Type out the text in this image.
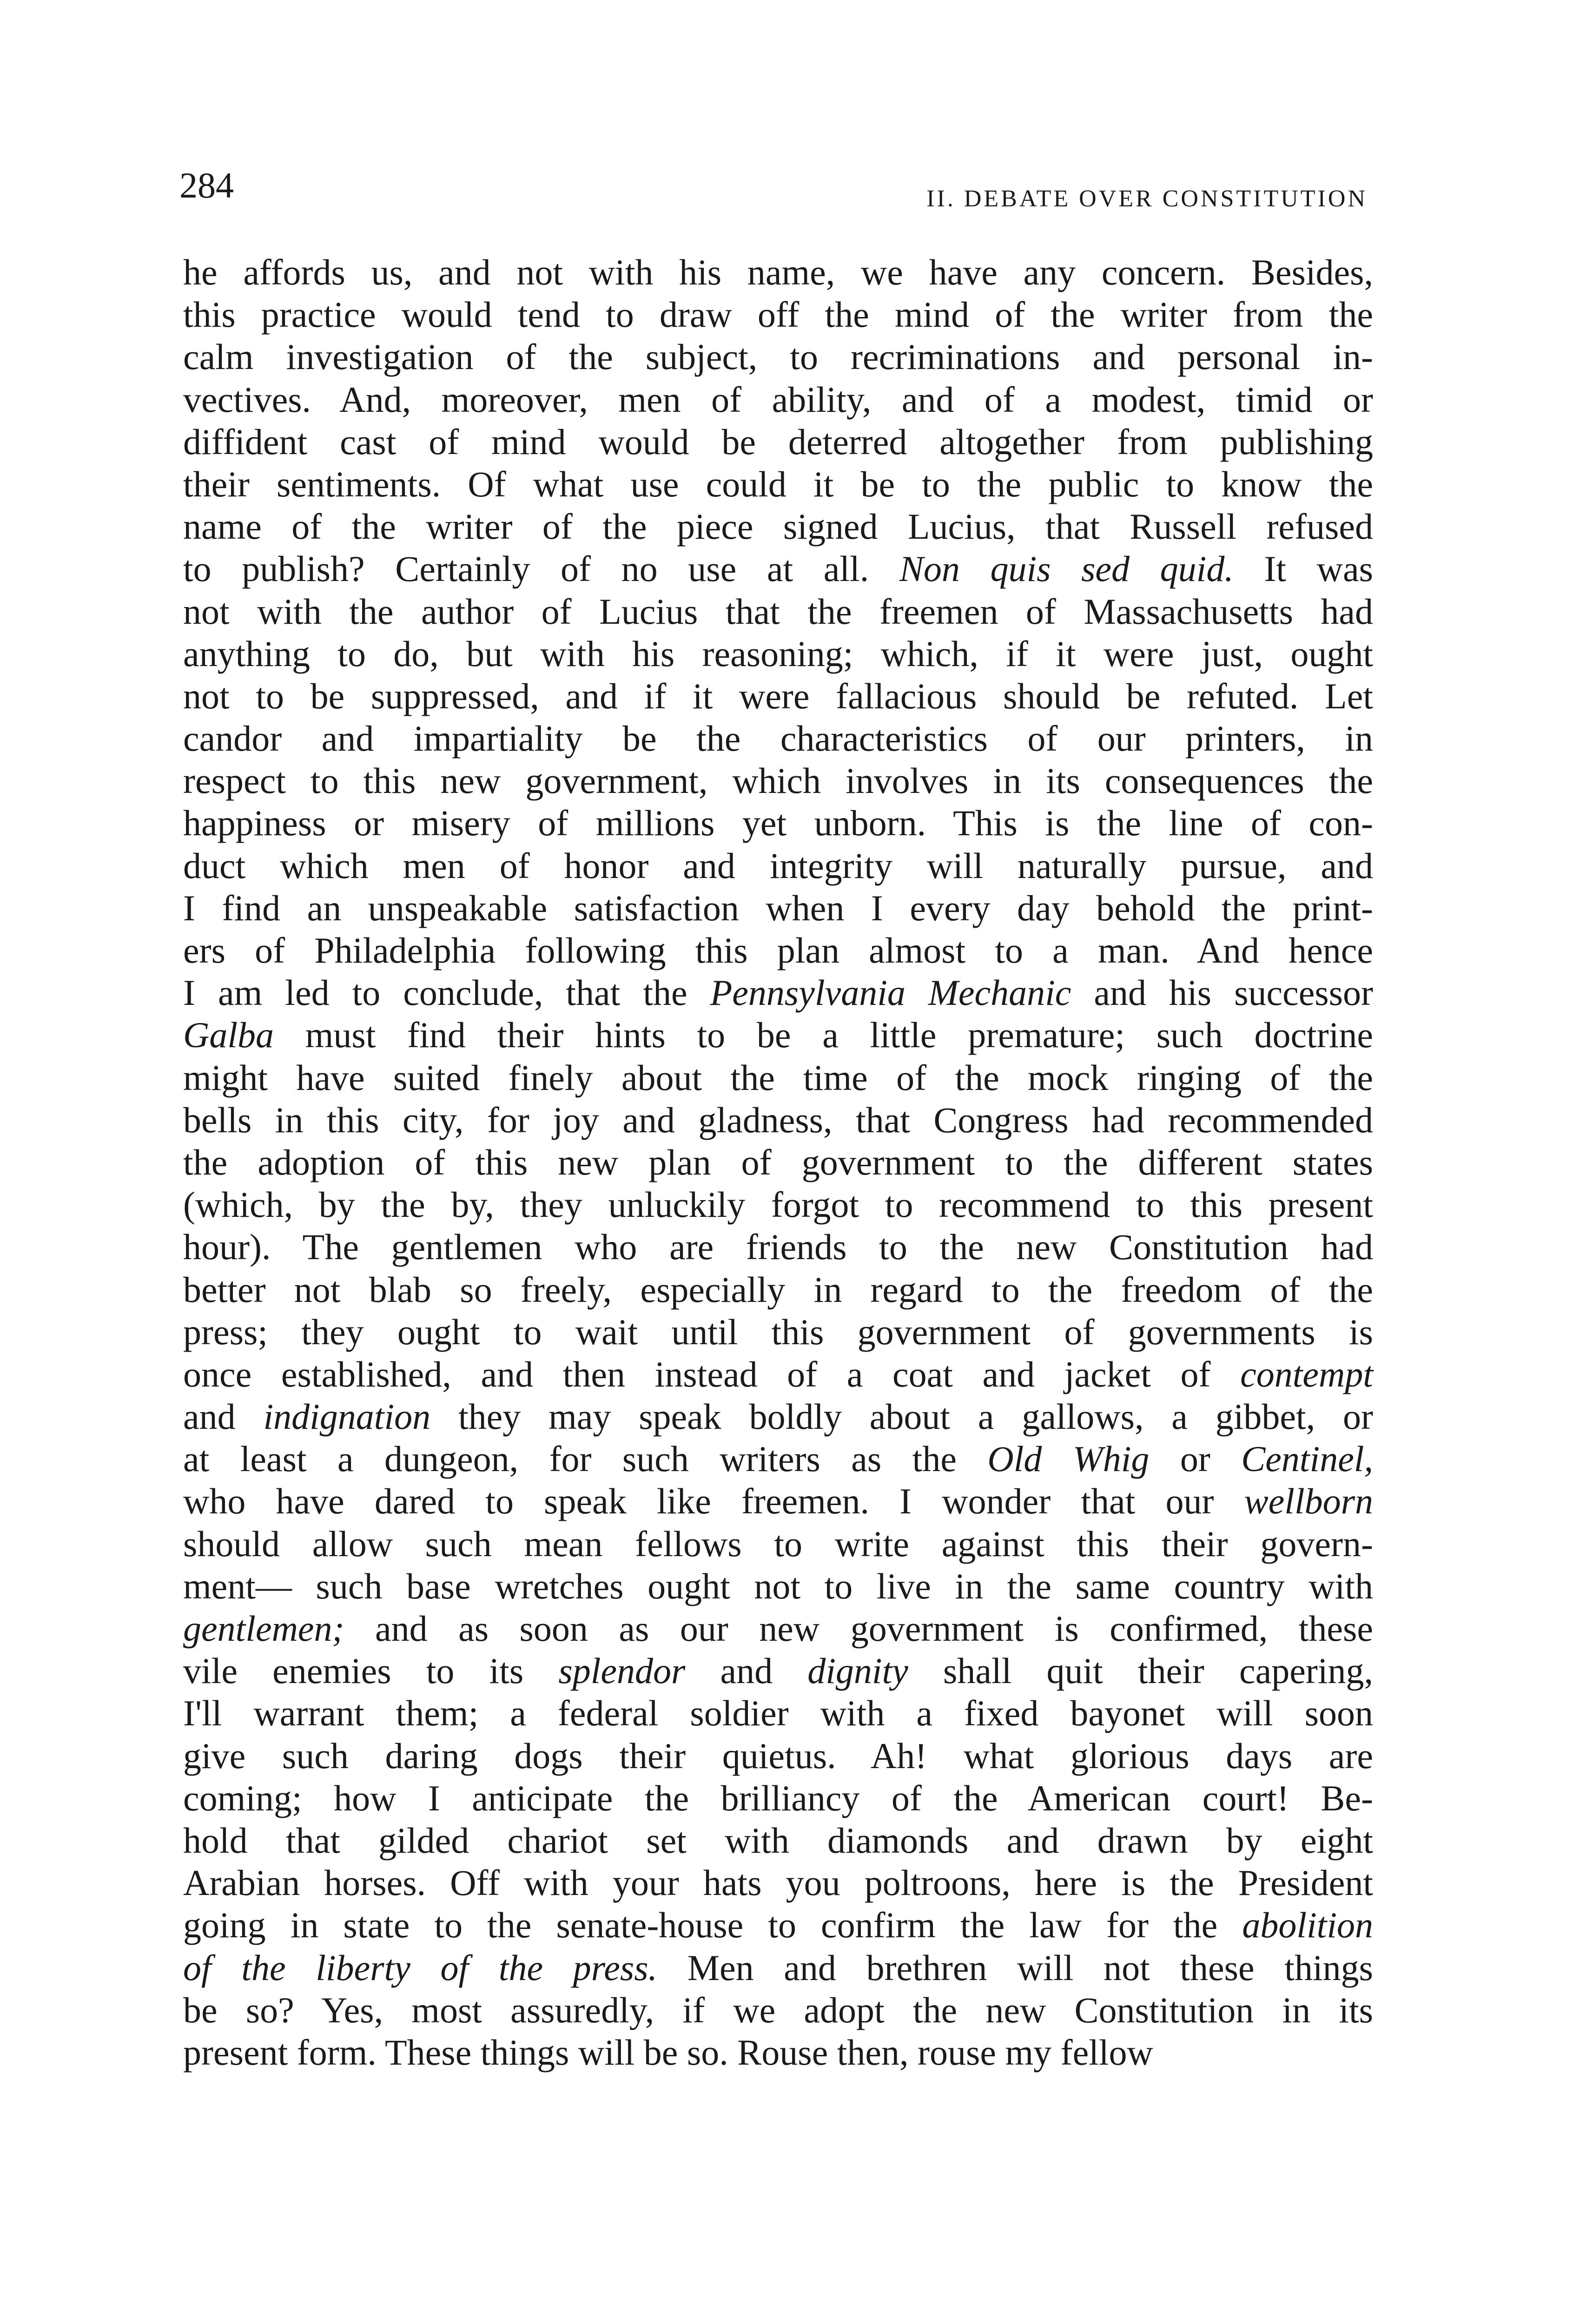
284	II. DEBATE OVER CONSTITUTION
he affords us, and not with his name, we have any concern. Besides,
this practice would tend to draw off the mind of the writer from the
calm investigation of the subject, to recriminations and personal in-
vectives. And, moreover, men of ability, and of a modest, timid or
diffident cast of mind would be deterred altogether from publishing
their sentiments. Of what use could it be to the public to know the
name of the writer of the piece signed Lucius, that Russell refused
to publish? Certainly of no use at all. Non quis sed quid. It was
not with the author of Lucius that the freemen of Massachusetts had
anything to do, but with his reasoning; which, if it were just, ought
not to be suppressed, and if it were fallacious should be refuted. Let
candor and impartiality be the characteristics of our printers, in
respect to this new government, which involves in its consequences the
happiness or misery of millions yet unborn. This is the line of con-
duct which men of honor and integrity will naturally pursue, and
I find an unspeakable satisfaction when I every day behold the print-
ers of Philadelphia following this plan almost to a man. And hence
I am led to conclude, that the Pennsylvania Mechanic and his successor
Galba must find their hints to be a little premature; such doctrine
might have suited finely about the time of the mock ringing of the
bells in this city, for joy and gladness, that Congress had recommended
the adoption of this new plan of government to the different states
(which, by the by, they unluckily forgot to recommend to this present
hour). The gentlemen who are friends to the new Constitution had
better not blab so freely, especially in regard to the freedom of the
press; they ought to wait until this government of governments is
once established, and then instead of a coat and jacket of contempt
and indignation they may speak boldly about a gallows, a gibbet, or
at least a dungeon, for such writers as the Old Whig or Centinel,
who have dared to speak like freemen. I wonder that our wellborn
should allow such mean fellows to write against this their govern-
ment— such base wretches ought not to live in the same country with
gentlemen; and as soon as our new government is confirmed, these
vile enemies to its splendor and dignity shall quit their capering,
I'll warrant them; a federal soldier with a fixed bayonet will soon
give such daring dogs their quietus. Ah! what glorious days are
coming; how I anticipate the brilliancy of the American court! Be-
hold that gilded chariot set with diamonds and drawn by eight
Arabian horses. Off with your hats you poltroons, here is the President
going in state to the senate-house to confirm the law for the abolition
of the liberty of the press. Men and brethren will not these things
be so? Yes, most assuredly, if we adopt the new Constitution in its
present form. These things will be so. Rouse then, rouse my fellow
